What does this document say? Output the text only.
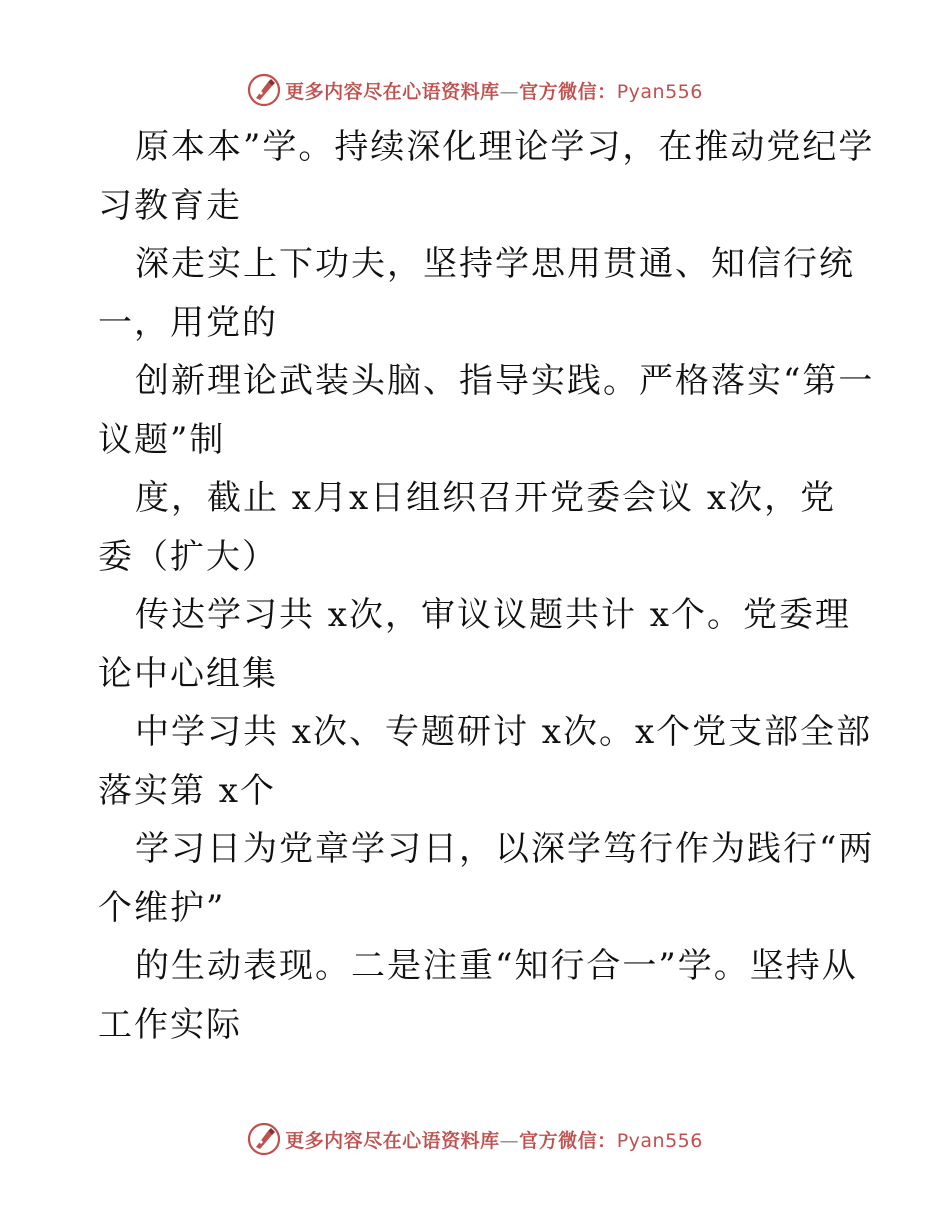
更多内容尽在心语资料库—官方微信：Pyan556

原本本”学。持续深化理论学习，在推动党纪学
习教育走

深走实上下功夫，坚持学思用贯通、知信行统
一，用党的

创新理论武装头脑、指导实践。严格落实“第一
议题”制

度，截止 x月x日组织召开党委会议 x次，党
委（扩大）

传达学习共 x次，审议议题共计 x个。党委理
论中心组集

中学习共 x次、专题研讨 x次。x个党支部全部
落实第 x个

学习日为党章学习日，以深学笃行作为践行“两
个维护”

的生动表现。二是注重“知行合一”学。坚持从
工作实际

更多内容尽在心语资料库—官方微信：Pyan556
